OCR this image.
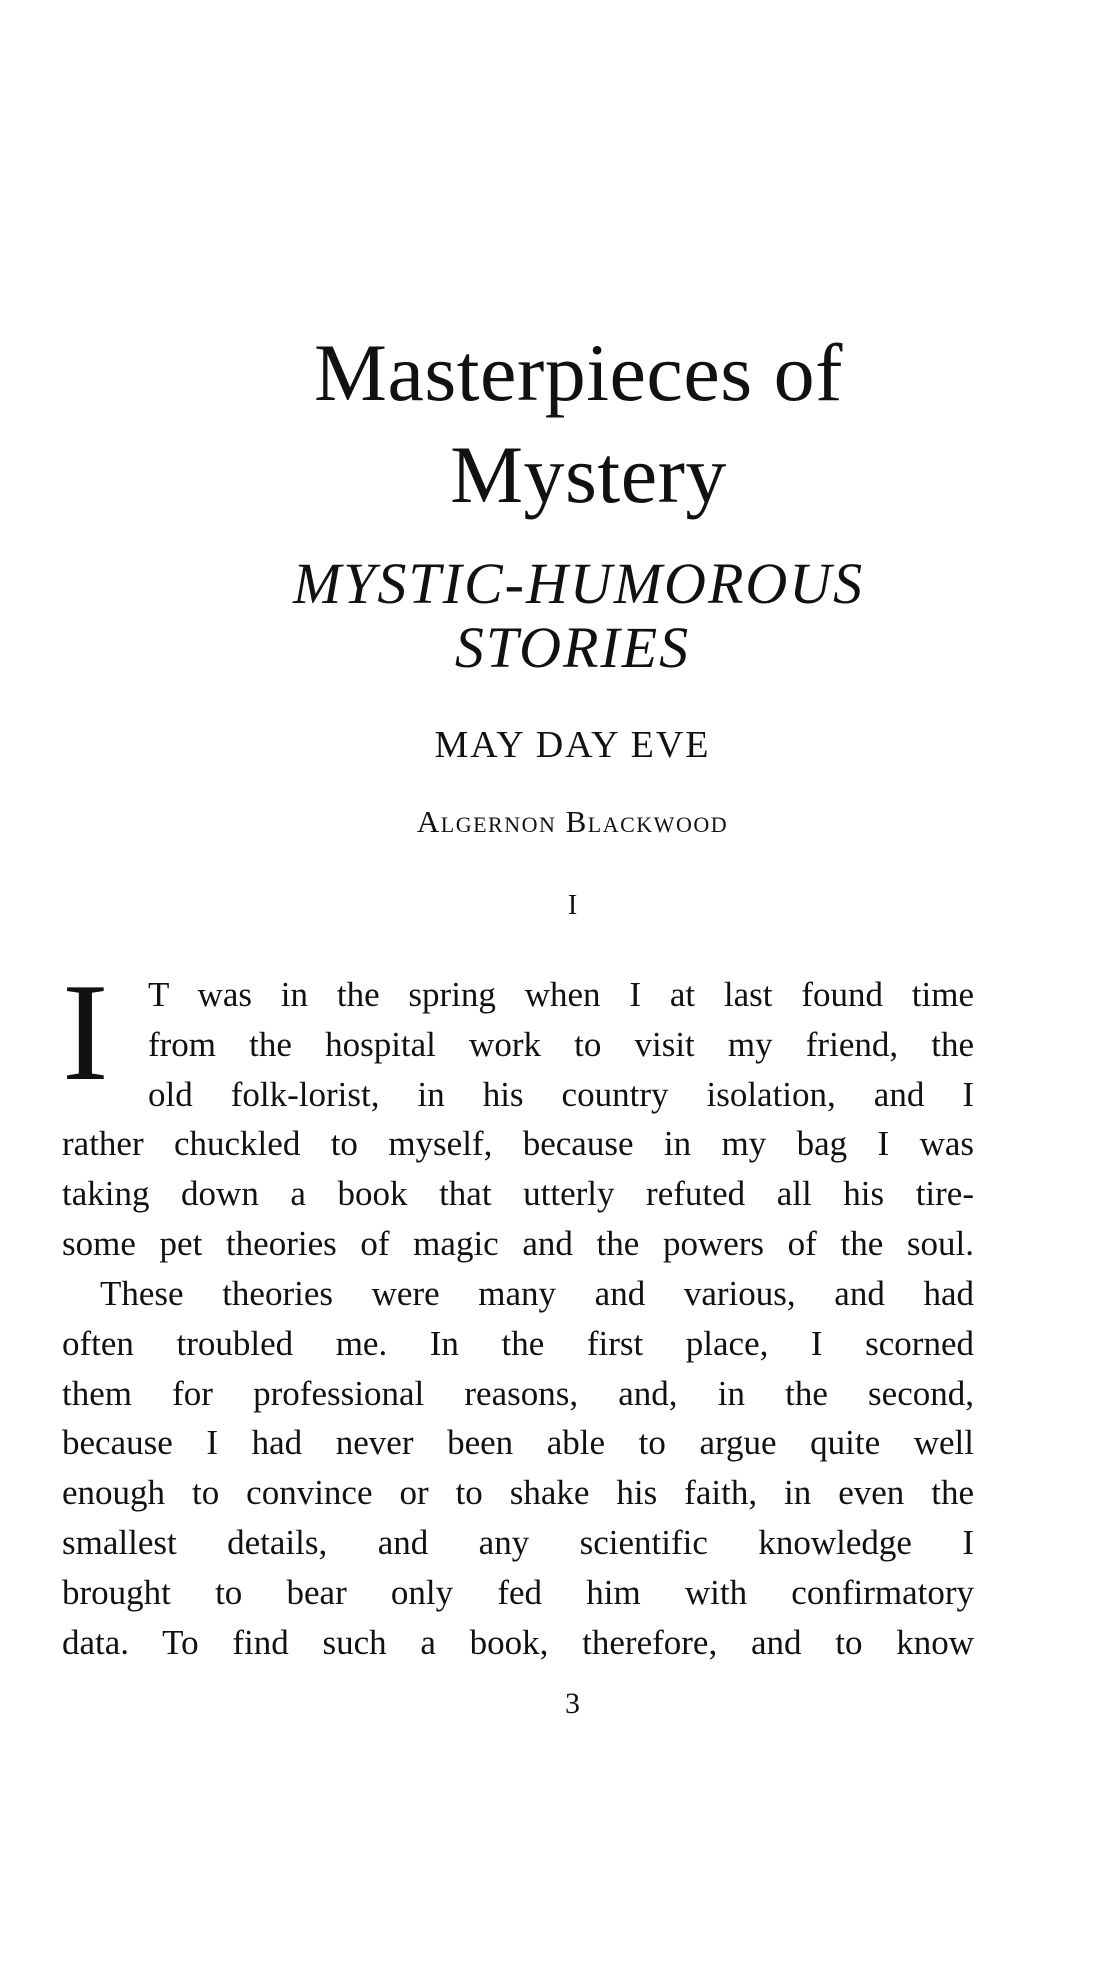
Masterpieces of
Mystery
MYSTIC-HUMOROUS
STORIES
MAY DAY EVE

Algernon Blackwood

I

I T was in the spring when I at last found time
from the hospital work to visit my friend, the
old folk-lorist, in his country isolation, and I
rather chuckled to myself, because in my bag I was
taking down a book that utterly refuted all his tire-
some pet theories of magic and the powers of the soul.
These theories were many and various, and had
often troubled me. In the first place, I scorned
them for professional reasons, and, in the second,
because I had never been able to argue quite well
enough to convince or to shake his faith, in even the
smallest details, and any scientific knowledge I
brought to bear only fed him with confirmatory
data. To find such a book, therefore, and to know

3
